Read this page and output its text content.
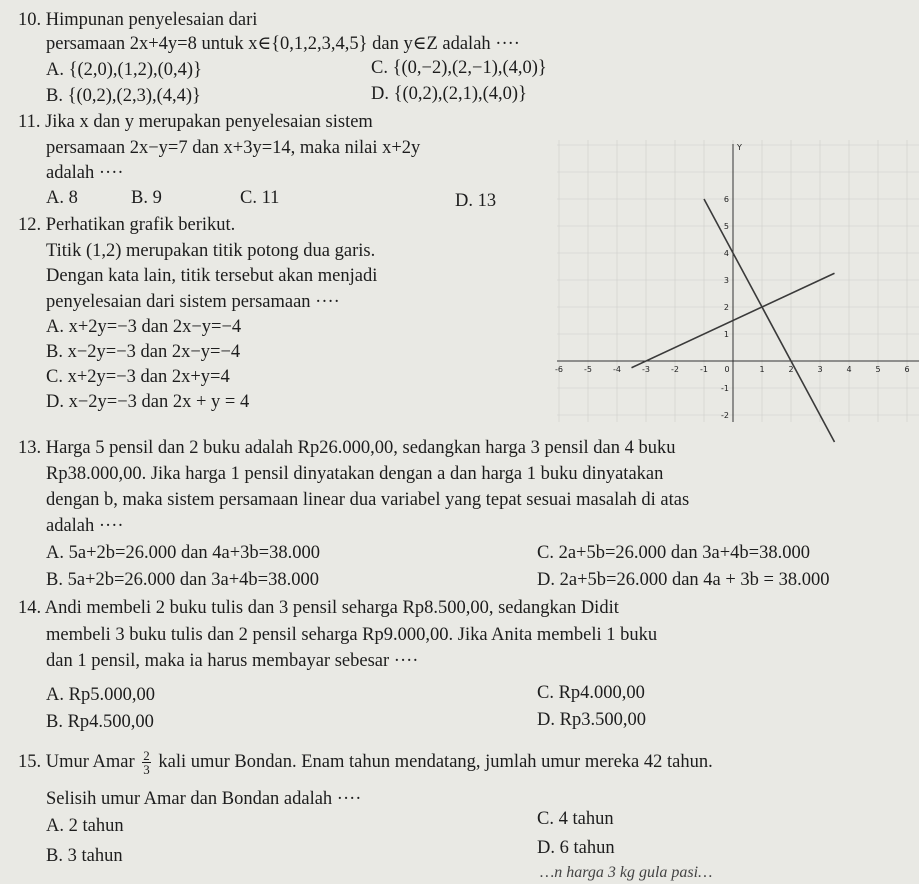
10. Himpunan penyelesaian dari
persamaan 2x+4y=8 untuk x∈{0,1,2,3,4,5} dan y∈Z adalah ····
A. {(2,0),(1,2),(0,4)}	C. {(0,−2),(2,−1),(4,0)}
B. {(0,2),(2,3),(4,4)}	D. {(0,2),(2,1),(4,0)}
11. Jika x dan y merupakan penyelesaian sistem
persamaan 2x−y=7 dan x+3y=14, maka nilai x+2y
adalah ····
A. 8	B. 9	C. 11	D. 13
12. Perhatikan grafik berikut.
Titik (1,2) merupakan titik potong dua garis.
Dengan kata lain, titik tersebut akan menjadi
penyelesaian dari sistem persamaan ····
A. x+2y=−3 dan 2x−y=−4
B. x−2y=−3 dan 2x−y=−4
C. x+2y=−3 dan 2x+y=4
D. x−2y=−3 dan 2x + y = 4
-6	-5	-4	-3	-2	-1 0	1	2	3	4	5	6
-2
-1
1
2
3
4
5
6
Y
13. Harga 5 pensil dan 2 buku adalah Rp26.000,00, sedangkan harga 3 pensil dan 4 buku
Rp38.000,00. Jika harga 1 pensil dinyatakan dengan a dan harga 1 buku dinyatakan
dengan b, maka sistem persamaan linear dua variabel yang tepat sesuai masalah di atas
adalah ····
A. 5a+2b=26.000 dan 4a+3b=38.000	C. 2a+5b=26.000 dan 3a+4b=38.000
B. 5a+2b=26.000 dan 3a+4b=38.000	D. 2a+5b=26.000 dan 4a + 3b = 38.000
14. Andi membeli 2 buku tulis dan 3 pensil seharga Rp8.500,00, sedangkan Didit
membeli 3 buku tulis dan 2 pensil seharga Rp9.000,00. Jika Anita membeli 1 buku
dan 1 pensil, maka ia harus membayar sebesar ····
A. Rp5.000,00	C. Rp4.000,00
B. Rp4.500,00	D. Rp3.500,00
15. Umur Amar $\frac{2}{3}$ kali umur Bondan. Enam tahun mendatang, jumlah umur mereka 42 tahun.
Selisih umur Amar dan Bondan adalah ····
A. 2 tahun	C. 4 tahun
B. 3 tahun	D. 6 tahun
…n harga 3 kg gula pasi…
